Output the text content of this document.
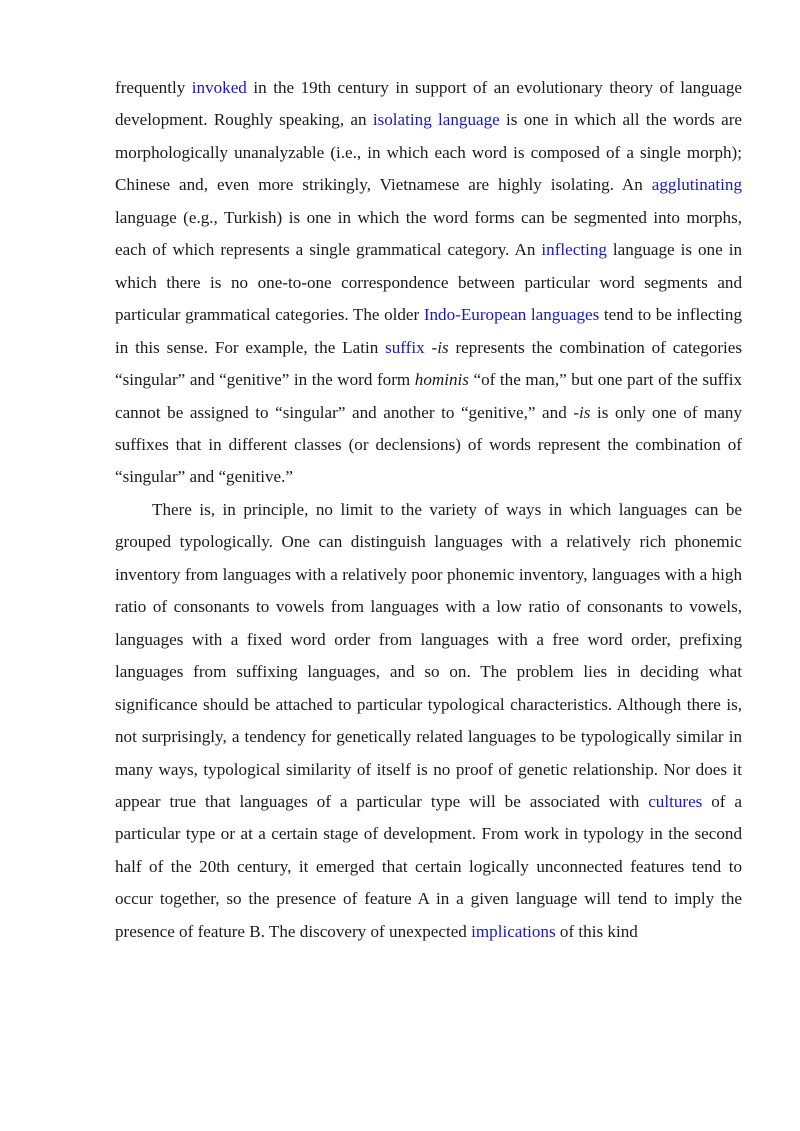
frequently invoked in the 19th century in support of an evolutionary theory of language development. Roughly speaking, an isolating language is one in which all the words are morphologically unanalyzable (i.e., in which each word is composed of a single morph); Chinese and, even more strikingly, Vietnamese are highly isolating. An agglutinating language (e.g., Turkish) is one in which the word forms can be segmented into morphs, each of which represents a single grammatical category. An inflecting language is one in which there is no one-to-one correspondence between particular word segments and particular grammatical categories. The older Indo-European languages tend to be inflecting in this sense. For example, the Latin suffix -is represents the combination of categories “singular” and “genitive” in the word form hominis “of the man,” but one part of the suffix cannot be assigned to “singular” and another to “genitive,” and -is is only one of many suffixes that in different classes (or declensions) of words represent the combination of “singular” and “genitive.”

There is, in principle, no limit to the variety of ways in which languages can be grouped typologically. One can distinguish languages with a relatively rich phonemic inventory from languages with a relatively poor phonemic inventory, languages with a high ratio of consonants to vowels from languages with a low ratio of consonants to vowels, languages with a fixed word order from languages with a free word order, prefixing languages from suffixing languages, and so on. The problem lies in deciding what significance should be attached to particular typological characteristics. Although there is, not surprisingly, a tendency for genetically related languages to be typologically similar in many ways, typological similarity of itself is no proof of genetic relationship. Nor does it appear true that languages of a particular type will be associated with cultures of a particular type or at a certain stage of development. From work in typology in the second half of the 20th century, it emerged that certain logically unconnected features tend to occur together, so the presence of feature A in a given language will tend to imply the presence of feature B. The discovery of unexpected implications of this kind
